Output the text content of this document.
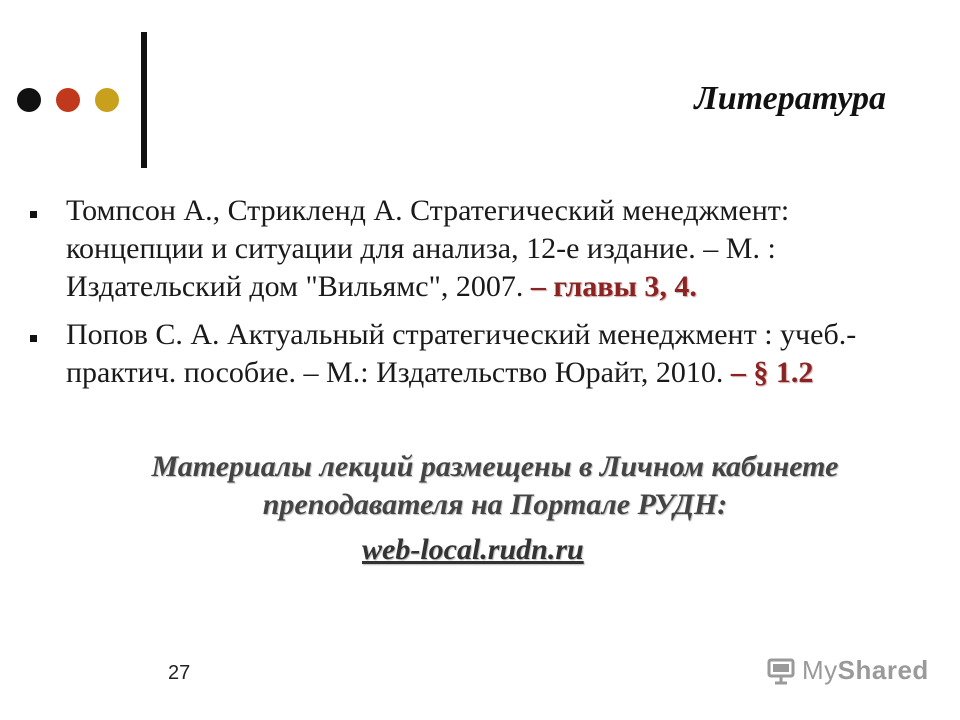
Литература
Томпсон А., Стрикленд А. Стратегический менеджмент: концепции и ситуации для анализа, 12-е издание. – М. : Издательский дом "Вильямс", 2007. – главы 3, 4.
Попов С. А. Актуальный стратегический менеджмент : учеб.-практич. пособие. – М.: Издательство Юрайт, 2010. – § 1.2
Материалы лекций размещены в Личном кабинете
преподавателя на Портале РУДН:
web-local.rudn.ru
27	MyShared
